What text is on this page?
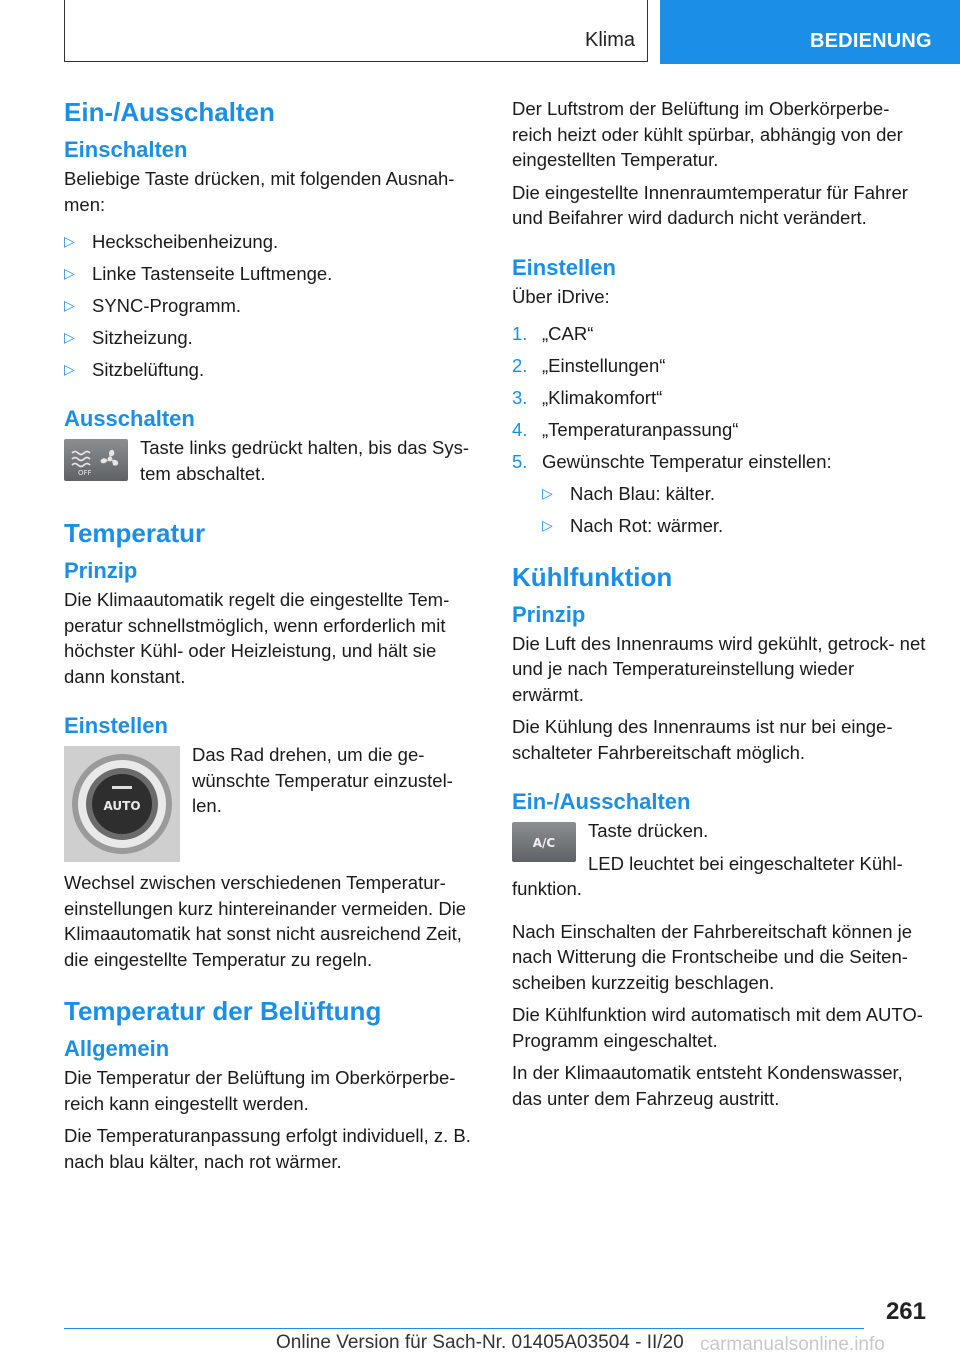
Klima	BEDIENUNG
Ein-/Ausschalten
Einschalten

Beliebige Taste drücken, mit folgenden Ausnah‐ men:

▷ Heckscheibenheizung.
▷ Linke Tastenseite Luftmenge.
▷ SYNC-Programm.
▷ Sitzheizung.
▷ Sitzbelüftung.
Ausschalten
OFF

Taste links gedrückt halten, bis das Sys‐ tem abschaltet.

Temperatur
Prinzip

Die Klimaautomatik regelt die eingestellte Tem‐ peratur schnellstmöglich, wenn erforderlich mit höchster Kühl- oder Heizleistung, und hält sie dann konstant.

Einstellen
AUTO

Das Rad drehen, um die ge‐ wünschte Temperatur einzustel‐ len.

Wechsel zwischen verschiedenen Temperatur‐ einstellungen kurz hintereinander vermeiden. Die Klimaautomatik hat sonst nicht ausreichend Zeit, die eingestellte Temperatur zu regeln.

Temperatur der Belüftung
Allgemein

Die Temperatur der Belüftung im Oberkörperbe‐ reich kann eingestellt werden.

Die Temperaturanpassung erfolgt individuell, z. B. nach blau kälter, nach rot wärmer.

Der Luftstrom der Belüftung im Oberkörperbe‐ reich heizt oder kühlt spürbar, abhängig von der eingestellten Temperatur.

Die eingestellte Innenraumtemperatur für Fahrer und Beifahrer wird dadurch nicht verändert.

Einstellen

Über iDrive:

1. „CAR“
2. „Einstellungen“
3. „Klimakomfort“
4. „Temperaturanpassung“
5. Gewünschte Temperatur einstellen:
▷ Nach Blau: kälter.
▷ Nach Rot: wärmer.
Kühlfunktion
Prinzip

Die Luft des Innenraums wird gekühlt, getrock‐ net und je nach Temperatureinstellung wieder erwärmt.

Die Kühlung des Innenraums ist nur bei einge‐ schalteter Fahrbereitschaft möglich.

Ein-/Ausschalten
A/C

Taste drücken.

LED leuchtet bei eingeschalteter Kühl‐ funktion.

Nach Einschalten der Fahrbereitschaft können je nach Witterung die Frontscheibe und die Seiten‐ scheiben kurzzeitig beschlagen.

Die Kühlfunktion wird automatisch mit dem AUTO-Programm eingeschaltet.

In der Klimaautomatik entsteht Kondenswasser, das unter dem Fahrzeug austritt.

261
Online Version für Sach-Nr. 01405A03504 - II/20 carmanualsonline.info
